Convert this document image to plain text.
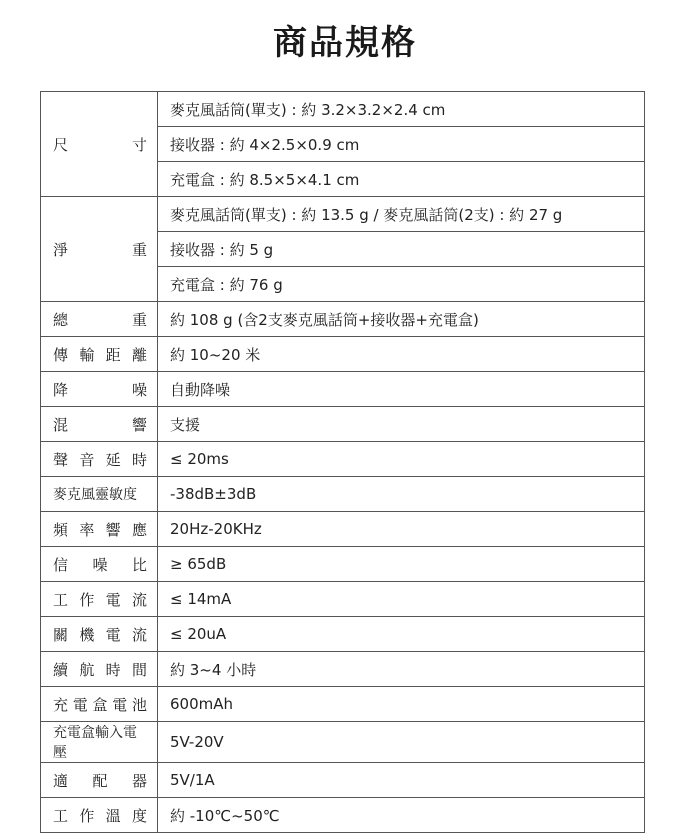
商品規格
尺 寸	麥克風話筒(單支) : 約 3.2×3.2×2.4 cm
	接收器 : 約 4×2.5×0.9 cm
	充電盒 : 約 8.5×5×4.1 cm

淨 重	麥克風話筒(單支) : 約 13.5 g / 麥克風話筒(2支) : 約 27 g
	接收器 : 約 5 g
	充電盒 : 約 76 g

總 重	約 108 g (含2支麥克風話筒+接收器+充電盒)

傳 輸 距 離	約 10~20 米

降 噪	自動降噪

混 響	支援

聲 音 延 時	≤ 20ms

麥克風靈敏度	-38dB±3dB

頻 率 響 應	20Hz-20KHz

信 噪 比	≥ 65dB

工 作 電 流	≤ 14mA

關 機 電 流	≤ 20uA

續 航 時 間	約 3~4 小時

充 電 盒 電 池	600mAh

充電盒輸入電壓	5V-20V

適 配 器	5V/1A

工 作 溫 度	約 -10℃~50℃
